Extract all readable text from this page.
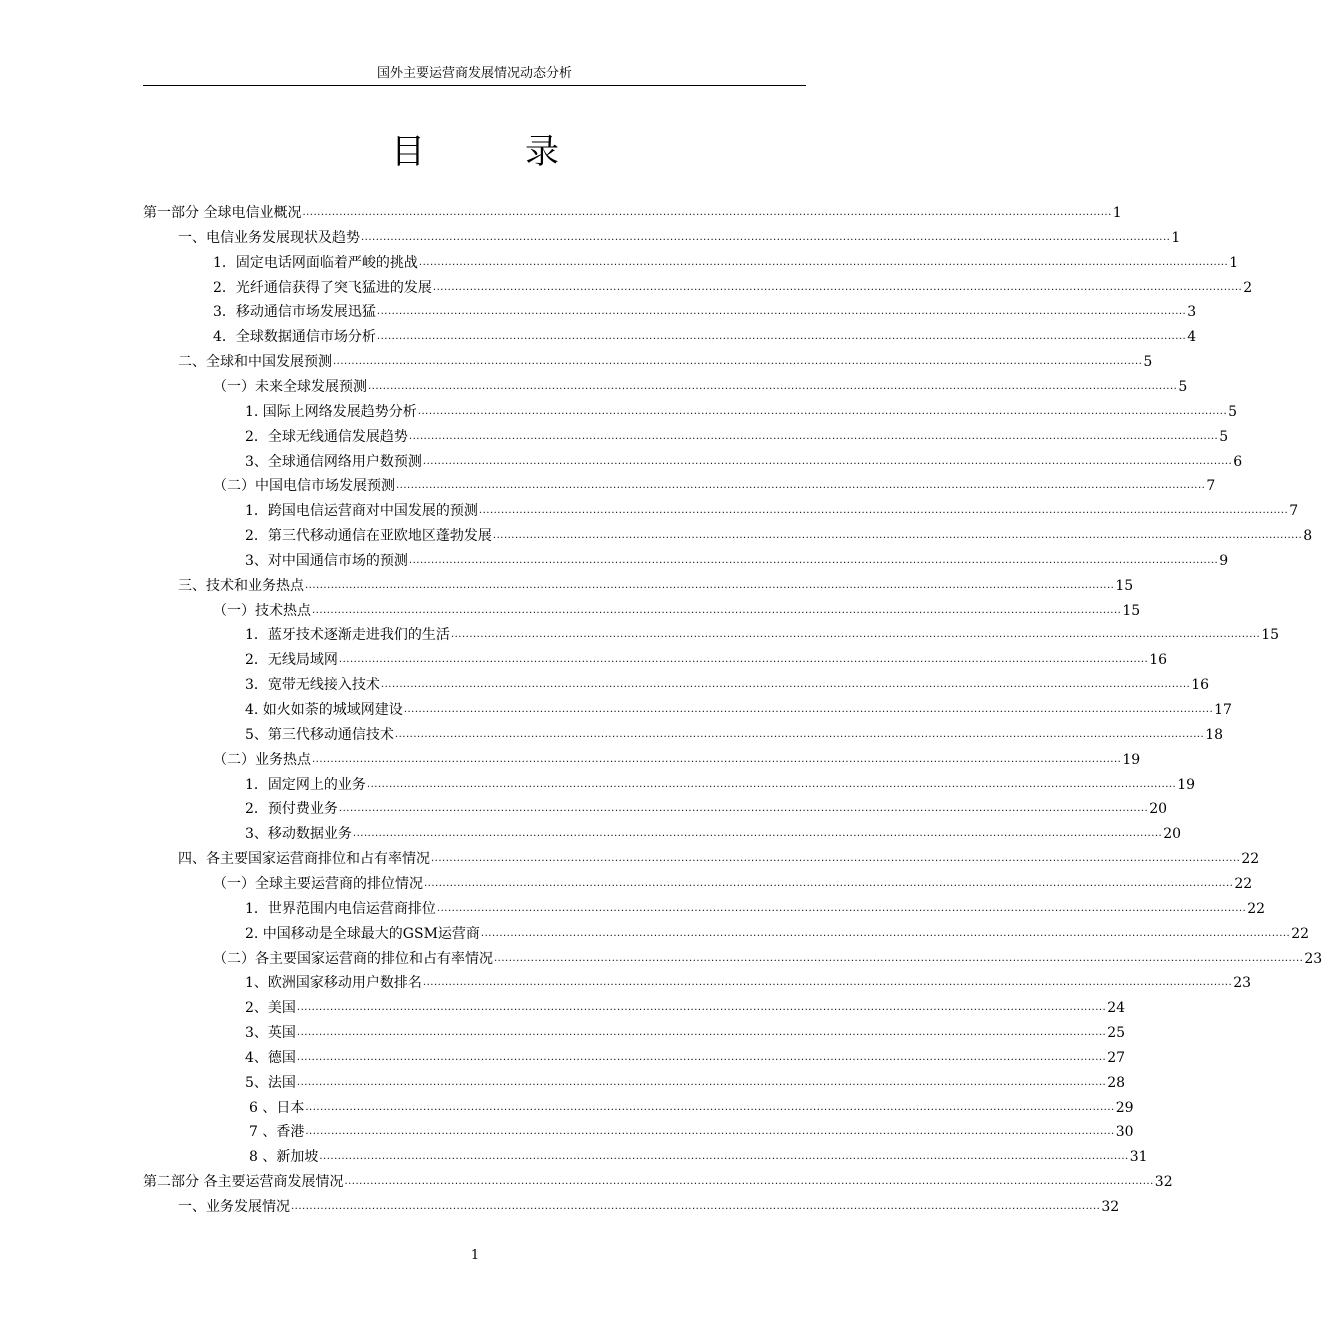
国外主要运营商发展情况动态分析
目录
第一部分 全球电信业概况 ............................................................................................................................................................................................................................ 1
一、电信业务发展现状及趋势 ............................................................................................................................................................................................................................ 1
1．固定电话网面临着严峻的挑战 ............................................................................................................................................................................................................................ 1
2．光纤通信获得了突飞猛进的发展 ............................................................................................................................................................................................................................ 2
3．移动通信市场发展迅猛 ............................................................................................................................................................................................................................ 3
4．全球数据通信市场分析 ............................................................................................................................................................................................................................ 4
二、全球和中国发展预测 ............................................................................................................................................................................................................................ 5
（一）未来全球发展预测 ............................................................................................................................................................................................................................ 5
1. 国际上网络发展趋势分析 ............................................................................................................................................................................................................................ 5
2．全球无线通信发展趋势 ............................................................................................................................................................................................................................ 5
3、全球通信网络用户数预测 ............................................................................................................................................................................................................................ 6
（二）中国电信市场发展预测 ............................................................................................................................................................................................................................ 7
1．跨国电信运营商对中国发展的预测 ............................................................................................................................................................................................................................ 7
2．第三代移动通信在亚欧地区蓬勃发展 ............................................................................................................................................................................................................................ 8
3、对中国通信市场的预测 ............................................................................................................................................................................................................................ 9
三、技术和业务热点 ............................................................................................................................................................................................................................ 15
（一）技术热点 ............................................................................................................................................................................................................................ 15
1．蓝牙技术逐渐走进我们的生活 ............................................................................................................................................................................................................................ 15
2．无线局域网 ............................................................................................................................................................................................................................ 16
3．宽带无线接入技术 ............................................................................................................................................................................................................................ 16
4. 如火如荼的城域网建设 ............................................................................................................................................................................................................................ 17
5、第三代移动通信技术 ............................................................................................................................................................................................................................ 18
（二）业务热点 ............................................................................................................................................................................................................................ 19
1．固定网上的业务 ............................................................................................................................................................................................................................ 19
2．预付费业务 ............................................................................................................................................................................................................................ 20
3、移动数据业务 ............................................................................................................................................................................................................................ 20
四、各主要国家运营商排位和占有率情况 ............................................................................................................................................................................................................................ 22
（一）全球主要运营商的排位情况 ............................................................................................................................................................................................................................ 22
1．世界范围内电信运营商排位 ............................................................................................................................................................................................................................ 22
2. 中国移动是全球最大的GSM运营商 ............................................................................................................................................................................................................................ 22
（二）各主要国家运营商的排位和占有率情况 ............................................................................................................................................................................................................................ 23
1、欧洲国家移动用户数排名 ............................................................................................................................................................................................................................ 23
2、美国 ............................................................................................................................................................................................................................ 24
3、英国 ............................................................................................................................................................................................................................ 25
4、德国 ............................................................................................................................................................................................................................ 27
5、法国 ............................................................................................................................................................................................................................ 28
6 、日本 ............................................................................................................................................................................................................................ 29
7 、香港 ............................................................................................................................................................................................................................ 30
8 、新加坡 ............................................................................................................................................................................................................................ 31
第二部分 各主要运营商发展情况 ............................................................................................................................................................................................................................ 32
一、业务发展情况 ............................................................................................................................................................................................................................ 32
1
